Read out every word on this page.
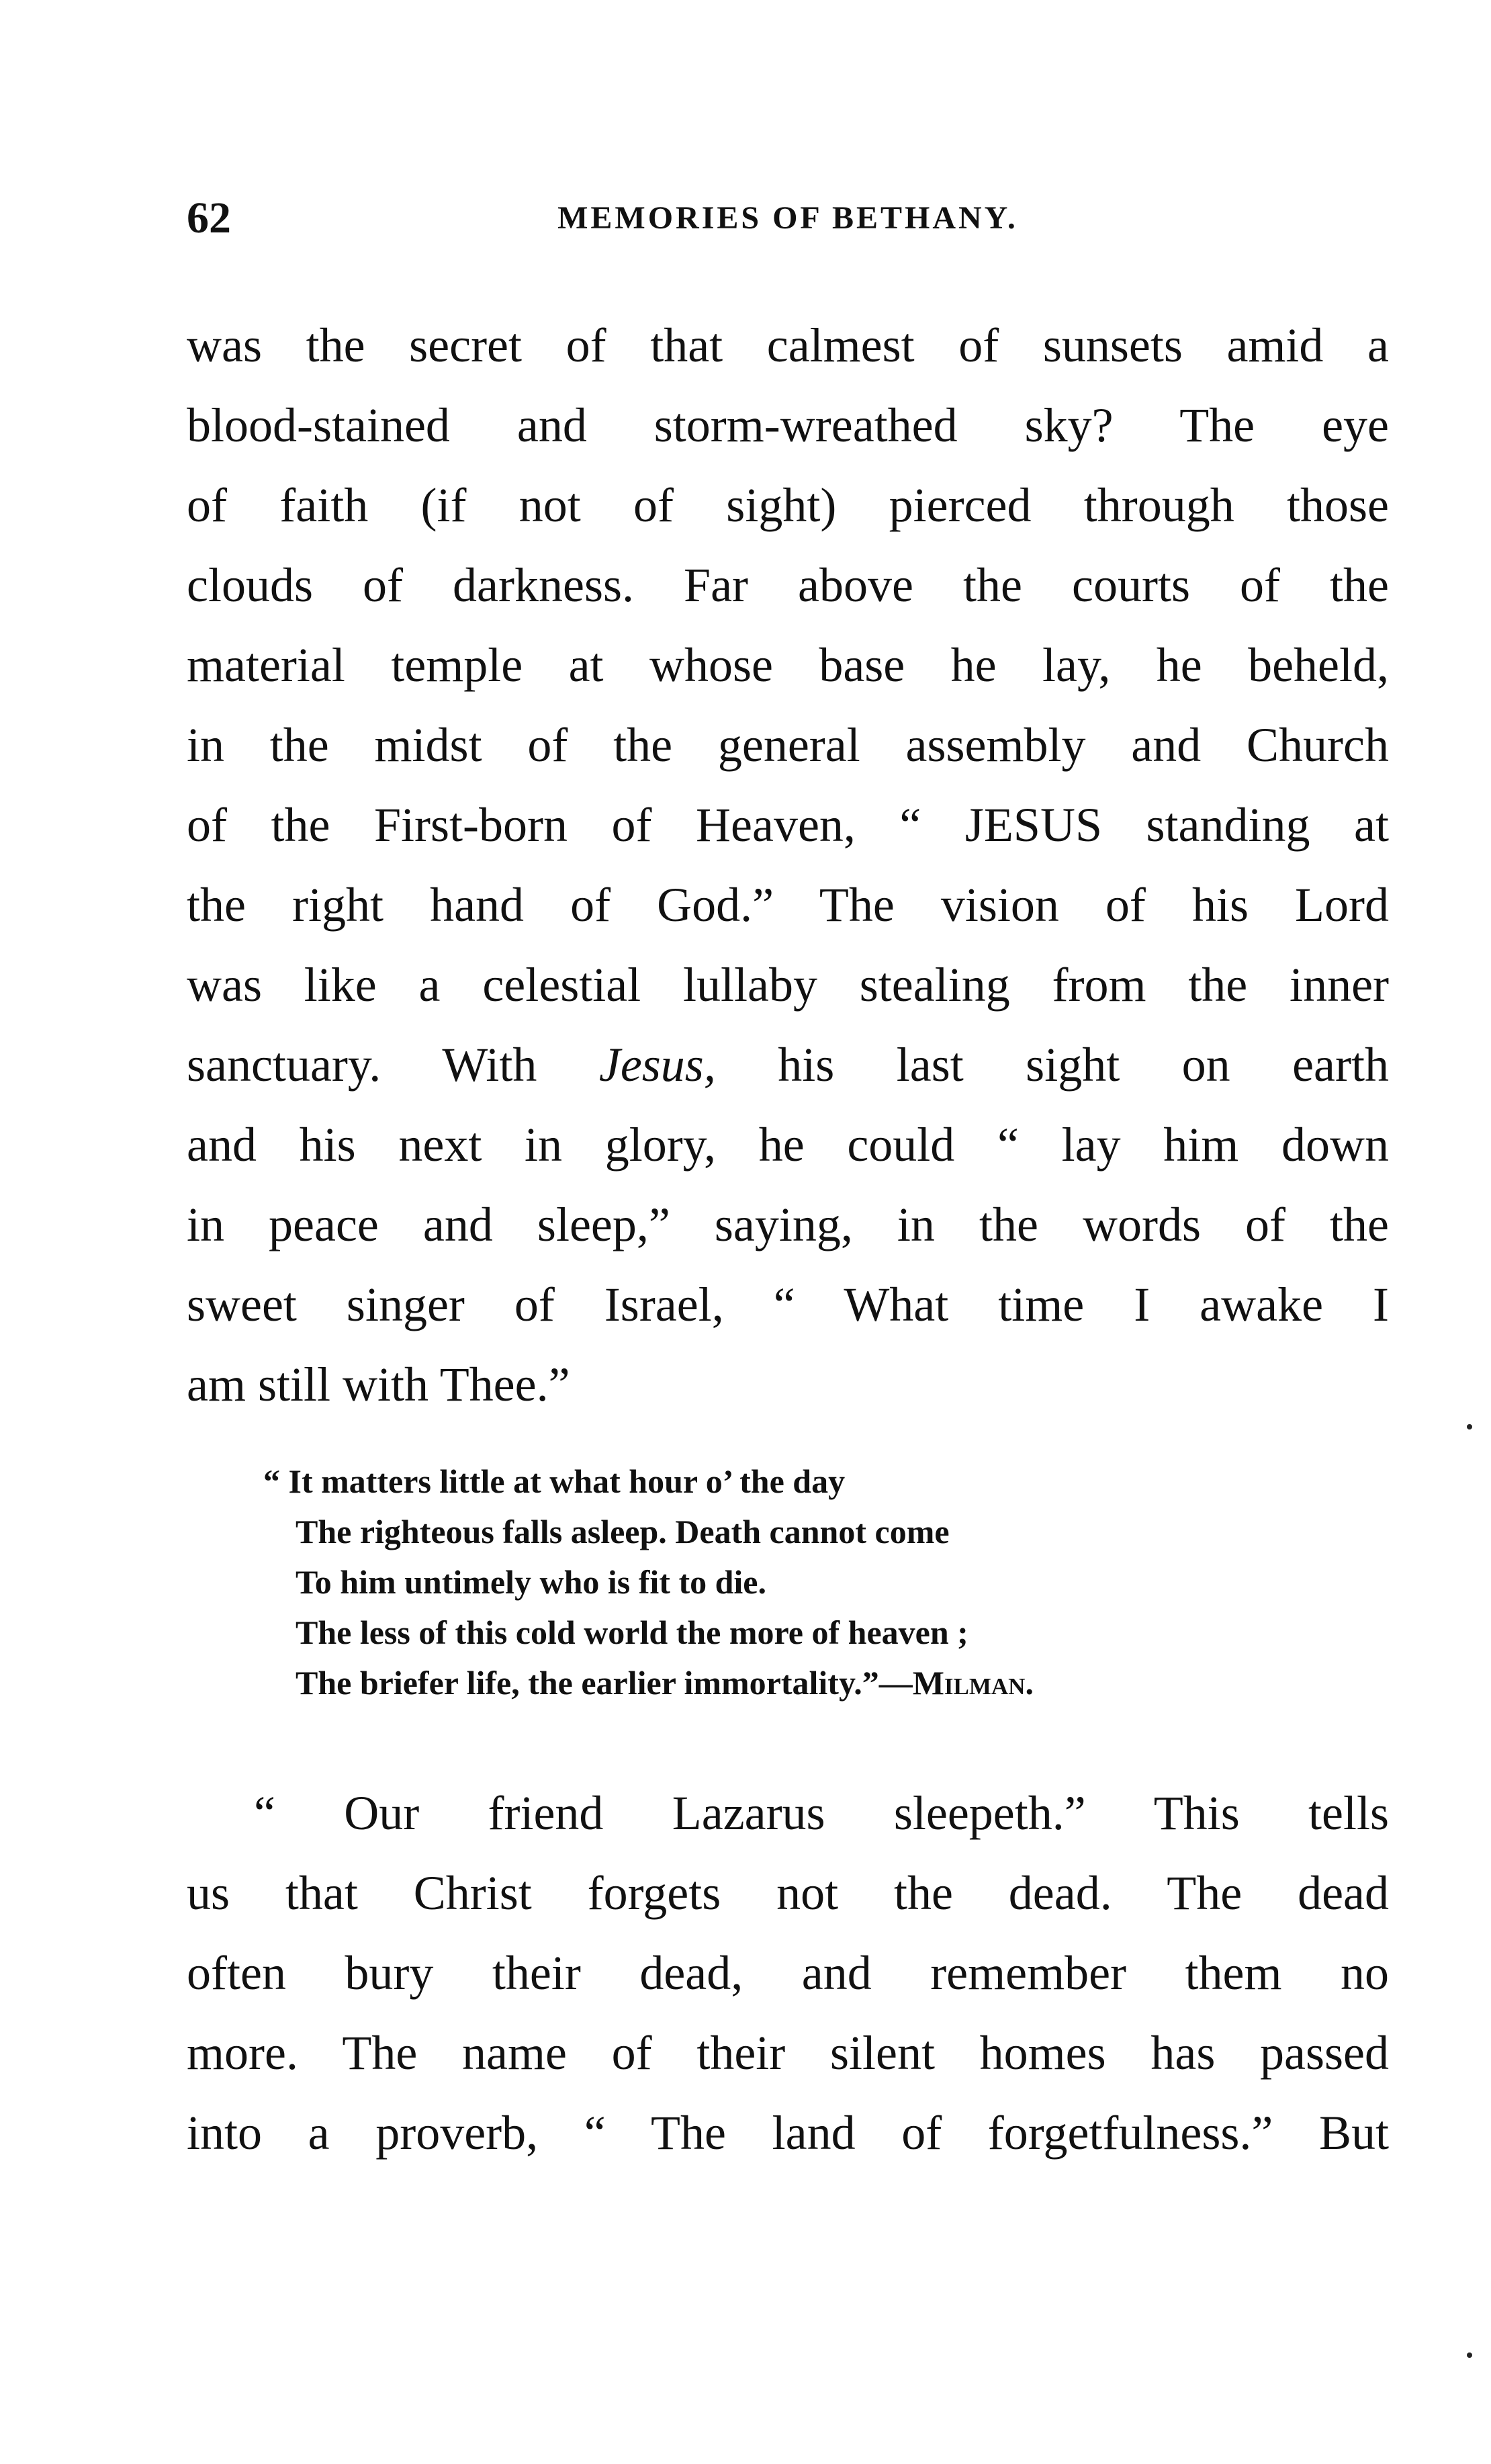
62	MEMORIES OF BETHANY.
was the secret of that calmest of sunsets amid a
blood-stained and storm-wreathed sky? The eye
of faith (if not of sight) pierced through those
clouds of darkness. Far above the courts of the
material temple at whose base he lay, he beheld,
in the midst of the general assembly and Church
of the First-born of Heaven, “ JESUS standing at
the right hand of God.” The vision of his Lord
was like a celestial lullaby stealing from the inner
sanctuary. With Jesus, his last sight on earth
and his next in glory, he could “ lay him down
in peace and sleep,” saying, in the words of the
sweet singer of Israel, “ What time I awake I
am still with Thee.”
“ It matters little at what hour o’ the day
The righteous falls asleep. Death cannot come
To him untimely who is fit to die.
The less of this cold world the more of heaven ;
The briefer life, the earlier immortality.”—Milman.
“ Our friend Lazarus sleepeth.” This tells
us that Christ forgets not the dead. The dead
often bury their dead, and remember them no
more. The name of their silent homes has passed
into a proverb, “ The land of forgetfulness.” But
